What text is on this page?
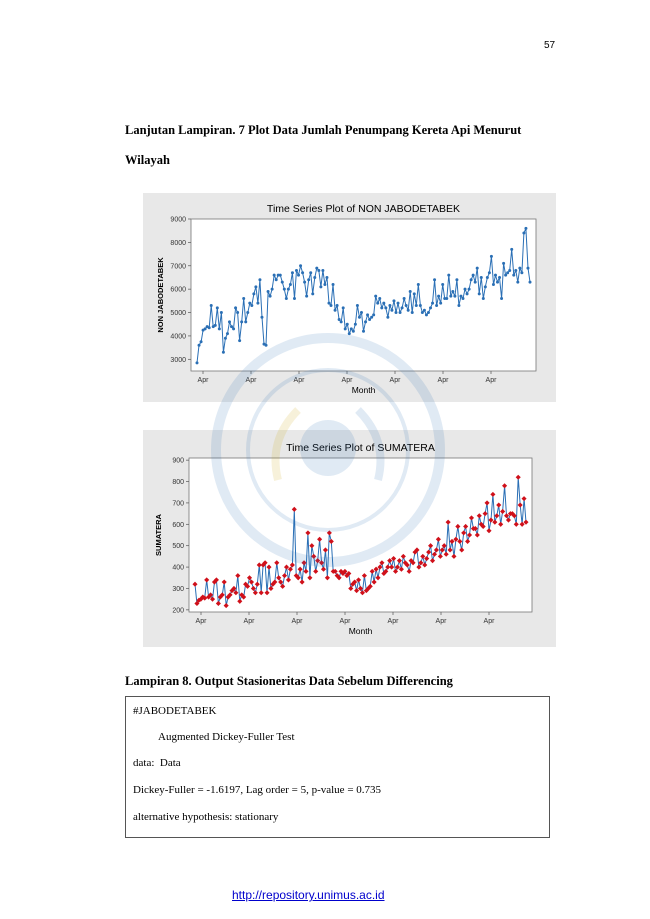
57
Lanjutan Lampiran. 7 Plot Data Jumlah Penumpang Kereta Api Menurut
Wilayah
Time Series Plot of NON JABODETABEK
3000
4000
5000
6000
7000
8000
9000
Apr	Apr	Apr	Apr	Apr	Apr	Apr
Month
NON JABODETABEK
Time Series Plot of SUMATERA
200
300
400
500
600
700
800
900
Apr	Apr	Apr	Apr	Apr	Apr	Apr
Month
SUMATERA
Lampiran 8. Output Stasioneritas Data Sebelum Differencing
#JABODETABEK
Augmented Dickey-Fuller Test
data:  Data
Dickey-Fuller = -1.6197, Lag order = 5, p-value = 0.735
alternative hypothesis: stationary
http://repository.unimus.ac.id
